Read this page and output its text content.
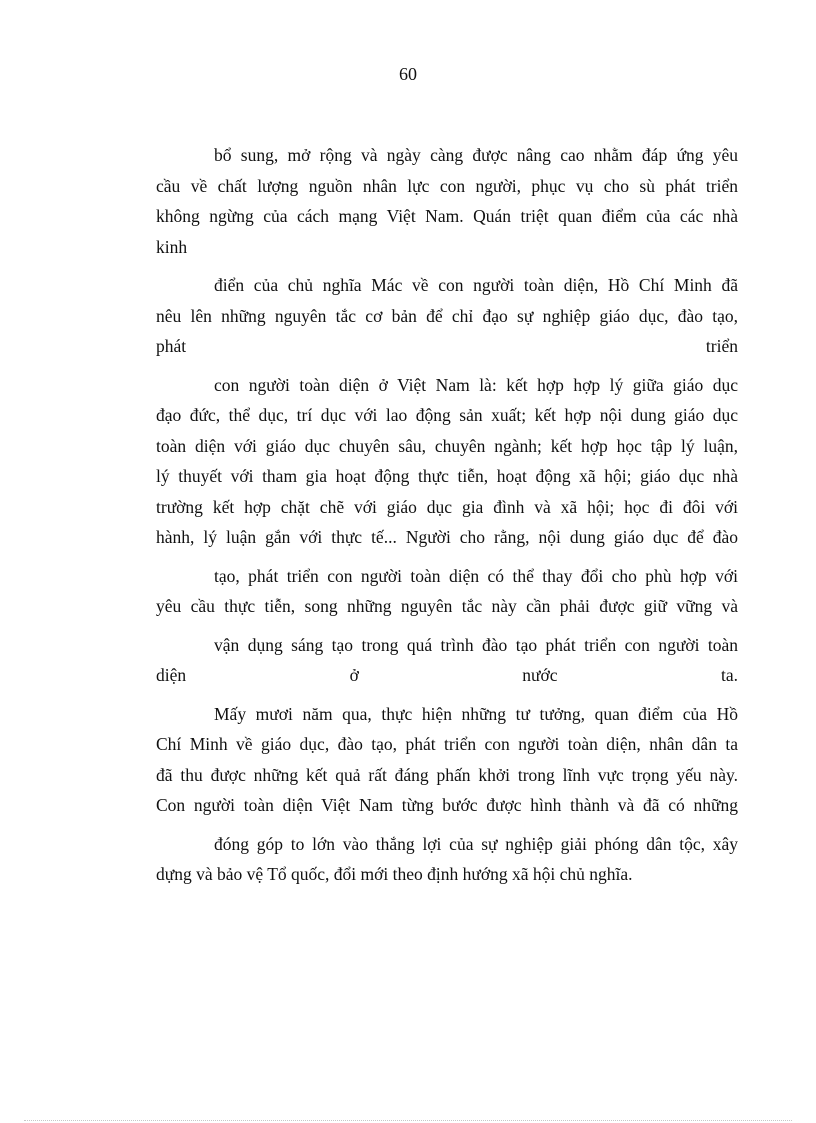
60
bổ sung, mở rộng và ngày càng được nâng cao nhằm đáp ứng yêu
cầu về chất lượng nguồn nhân lực con người, phục vụ cho sù phát triển
không ngừng của cách mạng Việt Nam. Quán triệt quan điểm của các nhà
kinh
điển của chủ nghĩa Mác về con người toàn diện, Hồ Chí Minh đã
nêu lên những nguyên tắc cơ bản để chỉ đạo sự nghiệp giáo dục, đào tạo,
phát triển
con người toàn diện ở Việt Nam là: kết hợp hợp lý giữa giáo dục
đạo đức, thể dục, trí dục với lao động sản xuất; kết hợp nội dung giáo dục
toàn diện với giáo dục chuyên sâu, chuyên ngành; kết hợp học tập lý luận,
lý thuyết với tham gia hoạt động thực tiễn, hoạt động xã hội; giáo dục nhà
trường kết hợp chặt chẽ với giáo dục gia đình và xã hội; học đi đôi với
hành, lý luận gắn với thực tế... Người cho rằng, nội dung giáo dục để đào
tạo, phát triển con người toàn diện có thể thay đổi cho phù hợp với
yêu cầu thực tiễn, song những nguyên tắc này cần phải được giữ vững và
vận dụng sáng tạo trong quá trình đào tạo phát triển con người toàn
diện ở nước ta.
Mấy mươi năm qua, thực hiện những tư tưởng, quan điểm của Hồ
Chí Minh về giáo dục, đào tạo, phát triển con người toàn diện, nhân dân ta
đã thu được những kết quả rất đáng phấn khởi trong lĩnh vực trọng yếu này.
Con người toàn diện Việt Nam từng bước được hình thành và đã có những
đóng góp to lớn vào thắng lợi của sự nghiệp giải phóng dân tộc, xây
dựng và bảo vệ Tổ quốc, đổi mới theo định hướng xã hội chủ nghĩa.
